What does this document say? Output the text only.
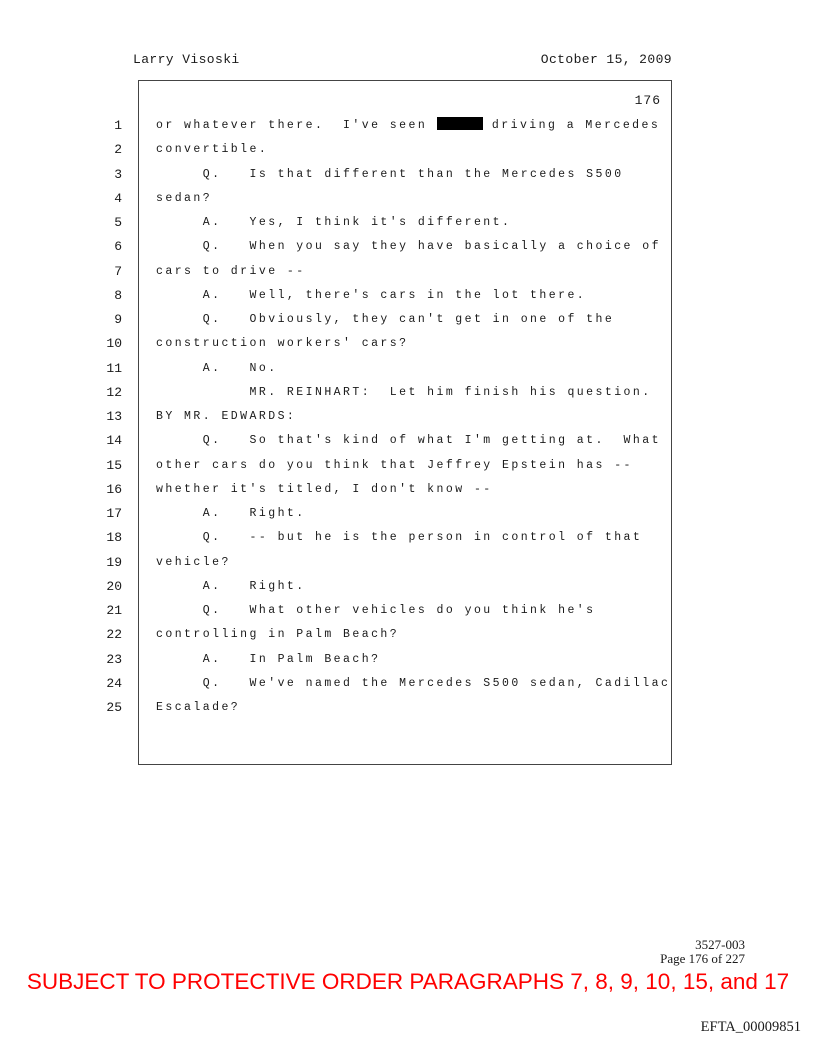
Larry Visoski	October 15, 2009
176
1	or whatever there.  I've seen	driving a Mercedes
2	convertible.
3	Q.   Is that different than the Mercedes S500
4	sedan?
5	A.   Yes, I think it's different.
6	Q.   When you say they have basically a choice of
7	cars to drive --
8	A.   Well, there's cars in the lot there.
9	Q.   Obviously, they can't get in one of the
10	construction workers' cars?
11	A.   No.
12	MR. REINHART:  Let him finish his question.
13	BY MR. EDWARDS:
14	Q.   So that's kind of what I'm getting at.  What
15	other cars do you think that Jeffrey Epstein has --
16	whether it's titled, I don't know --
17	A.   Right.
18	Q.   -- but he is the person in control of that
19	vehicle?
20	A.   Right.
21	Q.   What other vehicles do you think he's
22	controlling in Palm Beach?
23	A.   In Palm Beach?
24	Q.   We've named the Mercedes S500 sedan, Cadillac
25	Escalade?
3527-003
Page 176 of 227
SUBJECT TO PROTECTIVE ORDER PARAGRAPHS 7, 8, 9, 10, 15, and 17
EFTA_00009851
